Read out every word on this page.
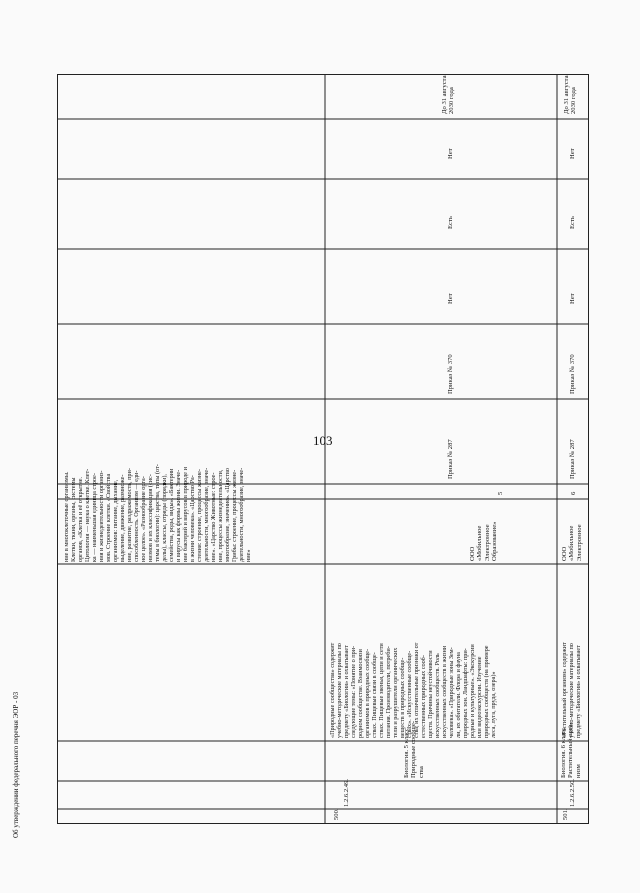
103
ние в многоклеточные организмы. Клетки, ткани, органы, системы органов, «Клетка и её открытие. Цитология — наука о клетке. Клет- ка — наименьшая единица строе- ния и жизнедеятельности организ- мов. Строение клетки. «Свойства организмов: питание, дыхание, выделение, движение, размноже- ние, развитие, раздражимость, при- способленность. Организм — еди- ное целое». «Разнообразие орга- низмов и их классификация (сис- темы в биологии): царства, типы (от- делы), классы, отряды (порядки), семейства, роды, виды». «Бактерии и вирусы как формы жизни. Значе- ние бактерий и вирусов в природе и в жизни человека». «Царство Ра- стения: строение, процессы жизне- деятельности, многообразие, значе- ние». «Царство Животные: строе- ние, процессы жизнедеятельности, многообразие, значение». «Царство Грибы: строение, процессы жизне- деятельности, многообразие, значе- ние»
500.
1.2.6.2.49.
Биология. 5 класс. Природные сообще- ства
«Природные сообщества» содержит учебно-методические материалы по предмету «Биология» и охватывает следующие темы: «Понятие о при- родном сообществе. Взаимосвязи организмов в природных сообще- ствах. Пищевые связи в сообще- ствах. Пищевые звенья, цепи и сети питания. Производители, потреби- тели и разрушители органических веществ в природных сообще- ствах». «Искусственные сообще- ства, их отличительные признаки от естественных природных сооб- ществ. Причины неустойчивости искусственных сообществ. Роль искусственных сообществ в жизни человека». «Природные зоны Зем- ли, их обитатели. Флора и фауна природных зон. Ландшафты: при- родные и культурные». «Экскурсии или видеоэкскурсии. Изучение природных сообществ (на примере леса, луга, пруда, озера)»
ООО «Мобильное Электронное Образование»
5
Приказ № 287
Приказ № 370
Нет
Есть
Нет
До 31 августа 2030 года
501.
1.2.6.2.50.
Биология. 6 класс. Растительный орга- низм
«Растительный организм» содержит учебно-методические материалы по предмету «Биология» и охватывает
ООО «Мобильное Электронное
6
Приказ № 287
Приказ № 370
Нет
Есть
Нет
До 31 августа 2030 года
Об утверждении федерального перечня ЭОР - 03
